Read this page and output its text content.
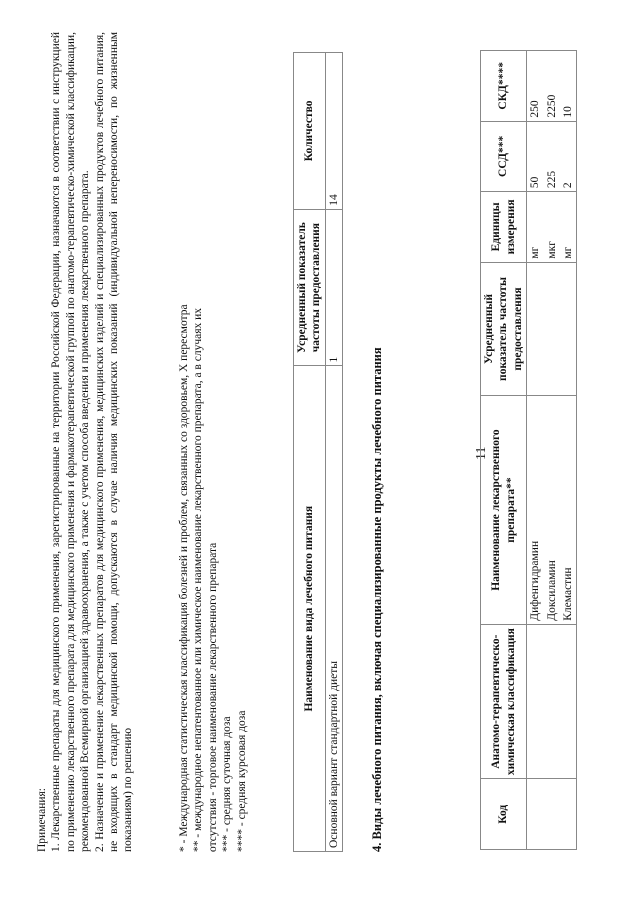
11
Код	Анатомо-терапевтическо-химическая классификация	Наименование лекарственного препарата**	Усредненный показатель частоты предоставления	Единицы измерения	ССД***	СКД****
		Дифенгидрамин		мг	50	250
		Доксиламин		мкг	225	2250
		Клемастин		мг	2	10
4. Виды лечебного питания, включая специализированные продукты лечебного питания
Наименование вида лечебного питания	Усредненный показатель частоты предоставления	Количество
Основной вариант стандартной диеты	1	14
* - Международная статистическая классификация болезней и проблем, связанных со здоровьем, X пересмотра ** - международное непатентованное или химическое наименование лекарственного препарата, а в случаях их отсутствия - торговое наименование лекарственного препарата *** - средняя суточная доза **** - средняя курсовая доза
Примечания: 1. Лекарственные препараты для медицинского применения, зарегистрированные на территории Российской Федерации, назначаются в соответствии с инструкцией по применению лекарственного препарата для медицинского применения и фармакотерапевтической группой по анатомо-терапевтическо-химической классификации, рекомендованной Всемирной организацией здравоохранения, а также с учетом способа введения и применения лекарственного препарата. 2. Назначение и применение лекарственных препаратов для медицинского применения, медицинских изделий и специализированных продуктов лечебного питания, не входящих в стандарт медицинской помощи, допускаются в случае наличия медицинских показаний (индивидуальной непереносимости, по жизненным показаниям) по решению
